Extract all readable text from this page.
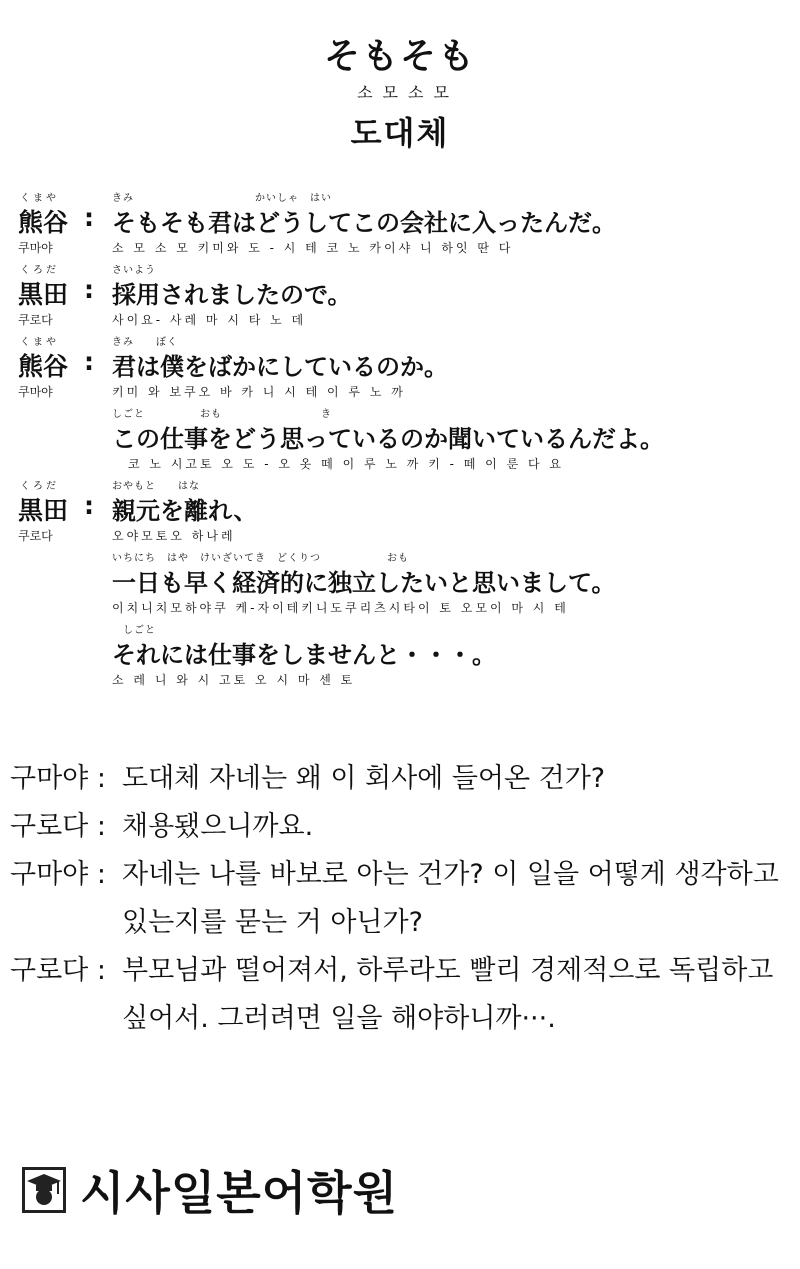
そもそも
소모소모
도대체
くまや
熊谷
쿠마야
:
きみ　　　　　　　　　　　かいしゃ　はい
そもそも君はどうしてこの会社に入ったんだ。
소 모 소 모 키미와 도 - 시 테 코 노 카이샤 니 하잇 딴 다
くろだ
黒田
쿠로다
:
さいよう
採用されましたので。
사이요- 사레 마 시 타 노 데
くまや
熊谷
쿠마야
:
きみ　　ぼく
君は僕をばかにしているのか。
키미 와 보쿠오 바 카 니 시 테 이 루 노 까
しごと　　　　　おも　　　　　　　　　き
この仕事をどう思っているのか聞いているんだよ。
코 노 시고토 오 도 - 오 옷 떼 이 루 노 까 키 - 떼 이 룬 다 요
くろだ
黒田
쿠로다
:
おやもと　　はな
親元を離れ、
오야모토오 하나레
いちにち　はや　けいざいてき　どくりつ　　　　　　おも
一日も早く経済的に独立したいと思いまして。
이치니치모하야쿠 케-자이테키니도쿠리츠시타이 토 오모이 마 시 테
　しごと
それには仕事をしませんと・・・。
소 레 니 와 시 고토 오 시 마 센 토
구마야 : 도대체 자네는 왜 이 회사에 들어온 건가?
구로다 : 채용됐으니까요.
구마야 : 자네는 나를 바보로 아는 건가? 이 일을 어떻게 생각하고 있는지를 묻는 거 아닌가?
구로다 : 부모님과 떨어져서, 하루라도 빨리 경제적으로 독립하고 싶어서. 그러려면 일을 해야하니까···.
시사일본어학원
